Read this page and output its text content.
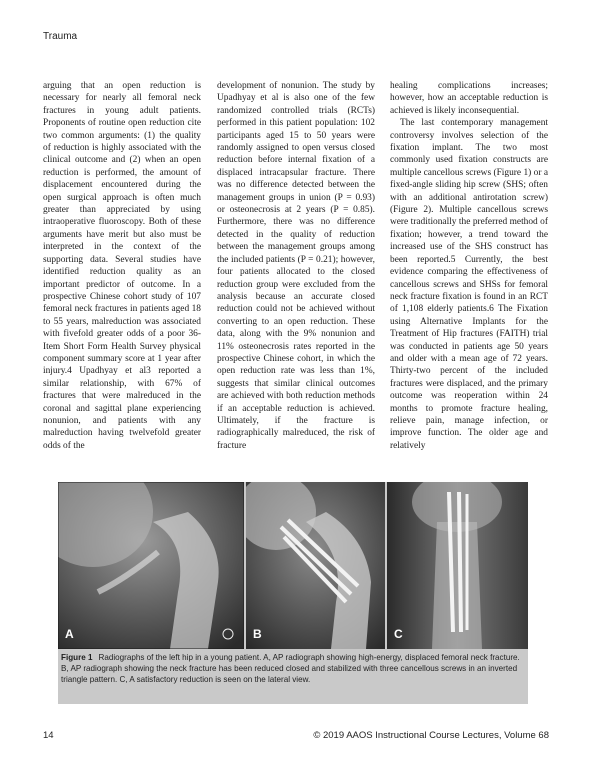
Trauma

arguing that an open reduction is necessary for nearly all femoral neck fractures in young adult patients. Proponents of routine open reduction cite two common arguments: (1) the quality of reduction is highly associated with the clinical outcome and (2) when an open reduction is performed, the amount of displacement encountered during the open surgical approach is often much greater than appreciated by using intraoperative fluoroscopy. Both of these arguments have merit but also must be interpreted in the context of the supporting data. Several studies have identified reduction quality as an important predictor of outcome. In a prospective Chinese cohort study of 107 femoral neck fractures in patients aged 18 to 55 years, malreduction was associated with fivefold greater odds of a poor 36-Item Short Form Health Survey physical component summary score at 1 year after injury.4 Upadhyay et al3 reported a similar relationship, with 67% of fractures that were malreduced in the coronal and sagittal plane experiencing nonunion, and patients with any malreduction having twelvefold greater odds of the

development of nonunion. The study by Upadhyay et al is also one of the few randomized controlled trials (RCTs) performed in this patient population: 102 participants aged 15 to 50 years were randomly assigned to open versus closed reduction before internal fixation of a displaced intracapsular fracture. There was no difference detected between the management groups in union (P = 0.93) or osteonecrosis at 2 years (P = 0.85). Furthermore, there was no difference detected in the quality of reduction between the management groups among the included patients (P = 0.21); however, four patients allocated to the closed reduction group were excluded from the analysis because an accurate closed reduction could not be achieved without converting to an open reduction. These data, along with the 9% nonunion and 11% osteonecrosis rates reported in the prospective Chinese cohort, in which the open reduction rate was less than 1%, suggests that similar clinical outcomes are achieved with both reduction methods if an acceptable reduction is achieved. Ultimately, if the fracture is radiographically malreduced, the risk of fracture

healing complications increases; however, how an acceptable reduction is achieved is likely inconsequential.

The last contemporary management controversy involves selection of the fixation implant. The two most commonly used fixation constructs are multiple cancellous screws (Figure 1) or a fixed-angle sliding hip screw (SHS; often with an additional antirotation screw) (Figure 2). Multiple cancellous screws were traditionally the preferred method of fixation; however, a trend toward the increased use of the SHS construct has been reported.5 Currently, the best evidence comparing the effectiveness of cancellous screws and SHSs for femoral neck fracture fixation is found in an RCT of 1,108 elderly patients.6 The Fixation using Alternative Implants for the Treatment of Hip fractures (FAITH) trial was conducted in patients age 50 years and older with a mean age of 72 years. Thirty-two percent of the included fractures were displaced, and the primary outcome was reoperation within 24 months to promote fracture healing, relieve pain, manage infection, or improve function. The older age and relatively

A	B	C
Figure 1 Radiographs of the left hip in a young patient. A, AP radiograph showing high-energy, displaced femoral neck fracture. B, AP radiograph showing the neck fracture has been reduced closed and stabilized with three cancellous screws in an inverted triangle pattern. C, A satisfactory reduction is seen on the lateral view.
14	© 2019 AAOS Instructional Course Lectures, Volume 68
